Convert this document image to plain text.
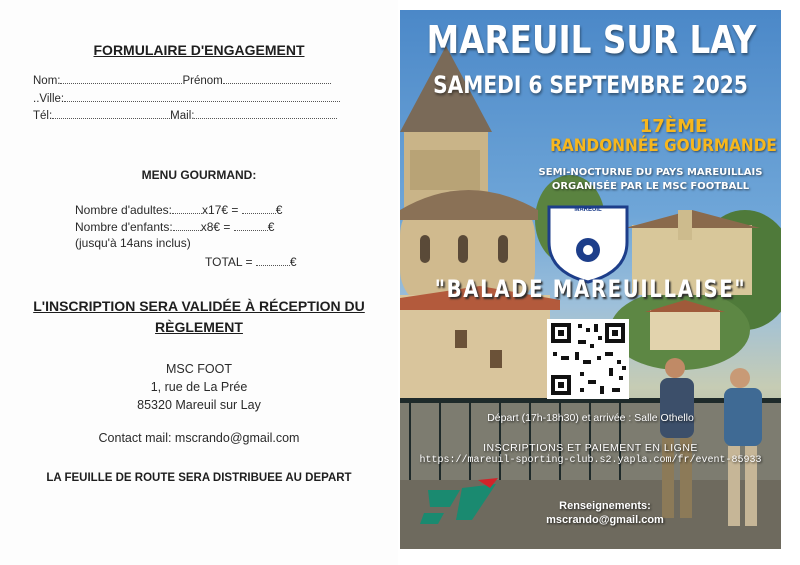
FORMULAIRE D'ENGAGEMENT
Nom:	Prénom
..Ville:
Tél:	Mail:
MENU GOURMAND:
Nombre d'adultes:	x17€ =	€
Nombre d'enfants: x8€ =	€
(jusqu'à 14ans inclus)
TOTAL =	€
L'INSCRIPTION SERA VALIDÉE À RÉCEPTION DU RÈGLEMENT
MSC FOOT
1, rue de La Prée
85320 Mareuil sur Lay
Contact mail: mscrando@gmail.com
LA FEUILLE DE ROUTE SERA DISTRIBUEE AU DEPART
MAREUIL SUR LAY
SAMEDI 6 SEPTEMBRE 2025
17ÈME
RANDONNÉE GOURMANDE
SEMI-NOCTURNE DU PAYS MAREUILLAIS
ORGANISÉE PAR LE MSC FOOTBALL
MAREUIL
"BALADE MAREUILLAISE"
Départ (17h-18h30) et arrivée : Salle Othello
INSCRIPTIONS ET PAIEMENT EN LIGNE
https://mareuil-sporting-club.s2.yapla.com/fr/event-85933
Renseignements:
mscrando@gmail.com
